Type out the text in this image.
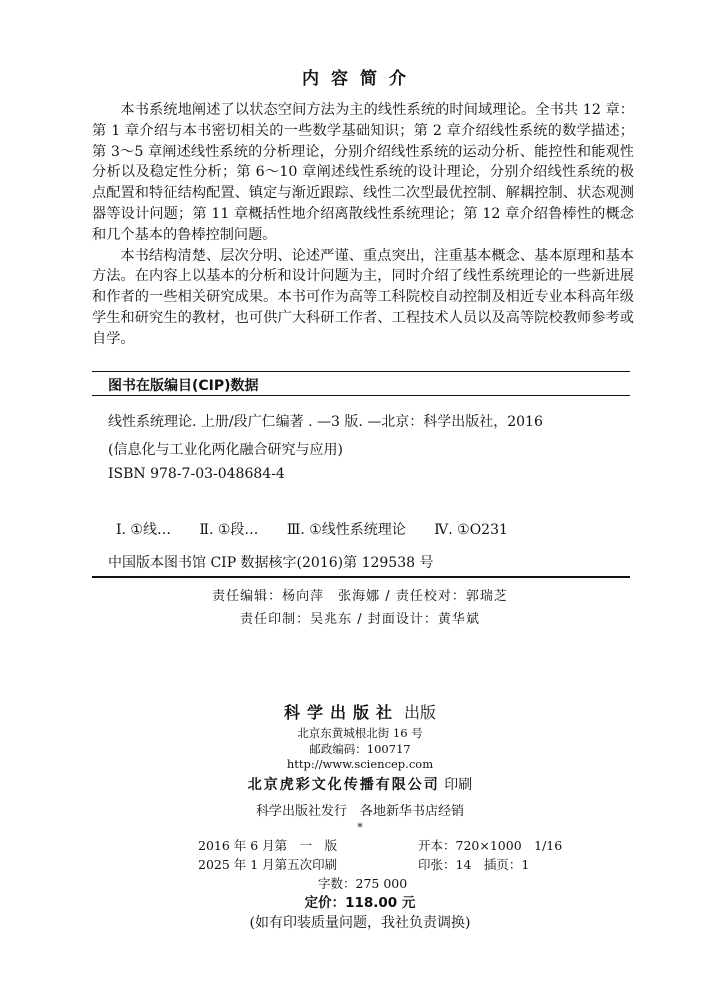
内容简介

本书系统地阐述了以状态空间方法为主的线性系统的时间域理论。全书共 12 章：第 1 章介绍与本书密切相关的一些数学基础知识；第 2 章介绍线性系统的数学描述；第 3～5 章阐述线性系统的分析理论，分别介绍线性系统的运动分析、能控性和能观性分析以及稳定性分析；第 6～10 章阐述线性系统的设计理论，分别介绍线性系统的极点配置和特征结构配置、镇定与渐近跟踪、线性二次型最优控制、解耦控制、状态观测器等设计问题；第 11 章概括性地介绍离散线性系统理论；第 12 章介绍鲁棒性的概念和几个基本的鲁棒控制问题。

本书结构清楚、层次分明、论述严谨、重点突出，注重基本概念、基本原理和基本方法。在内容上以基本的分析和设计问题为主，同时介绍了线性系统理论的一些新进展和作者的一些相关研究成果。本书可作为高等工科院校自动控制及相近专业本科高年级学生和研究生的教材，也可供广大科研工作者、工程技术人员以及高等院校教师参考或自学。

图书在版编目(CIP)数据
线性系统理论. 上册/段广仁编著 . —3 版. —北京：科学出版社，2016
(信息化与工业化两化融合研究与应用)
ISBN 978-7-03-048684-4
Ⅰ. ①线… Ⅱ. ①段… Ⅲ. ①线性系统理论 Ⅳ. ①O231
中国版本图书馆 CIP 数据核字(2016)第 129538 号
责任编辑：杨向萍　张海娜 / 责任校对：郭瑞芝
责任印制：吴兆东 / 封面设计：黄华斌
科学出版社 出版
北京东黄城根北街 16 号
邮政编码：100717
http://www.sciencep.com
北京虎彩文化传播有限公司 印刷
科学出版社发行　各地新华书店经销
*
2016 年 6 月第　一　版	开本：720×1000　1/16
2025 年 1 月第五次印刷	印张：14　插页：1
字数：275 000
定价：118.00 元
(如有印装质量问题，我社负责调换)
